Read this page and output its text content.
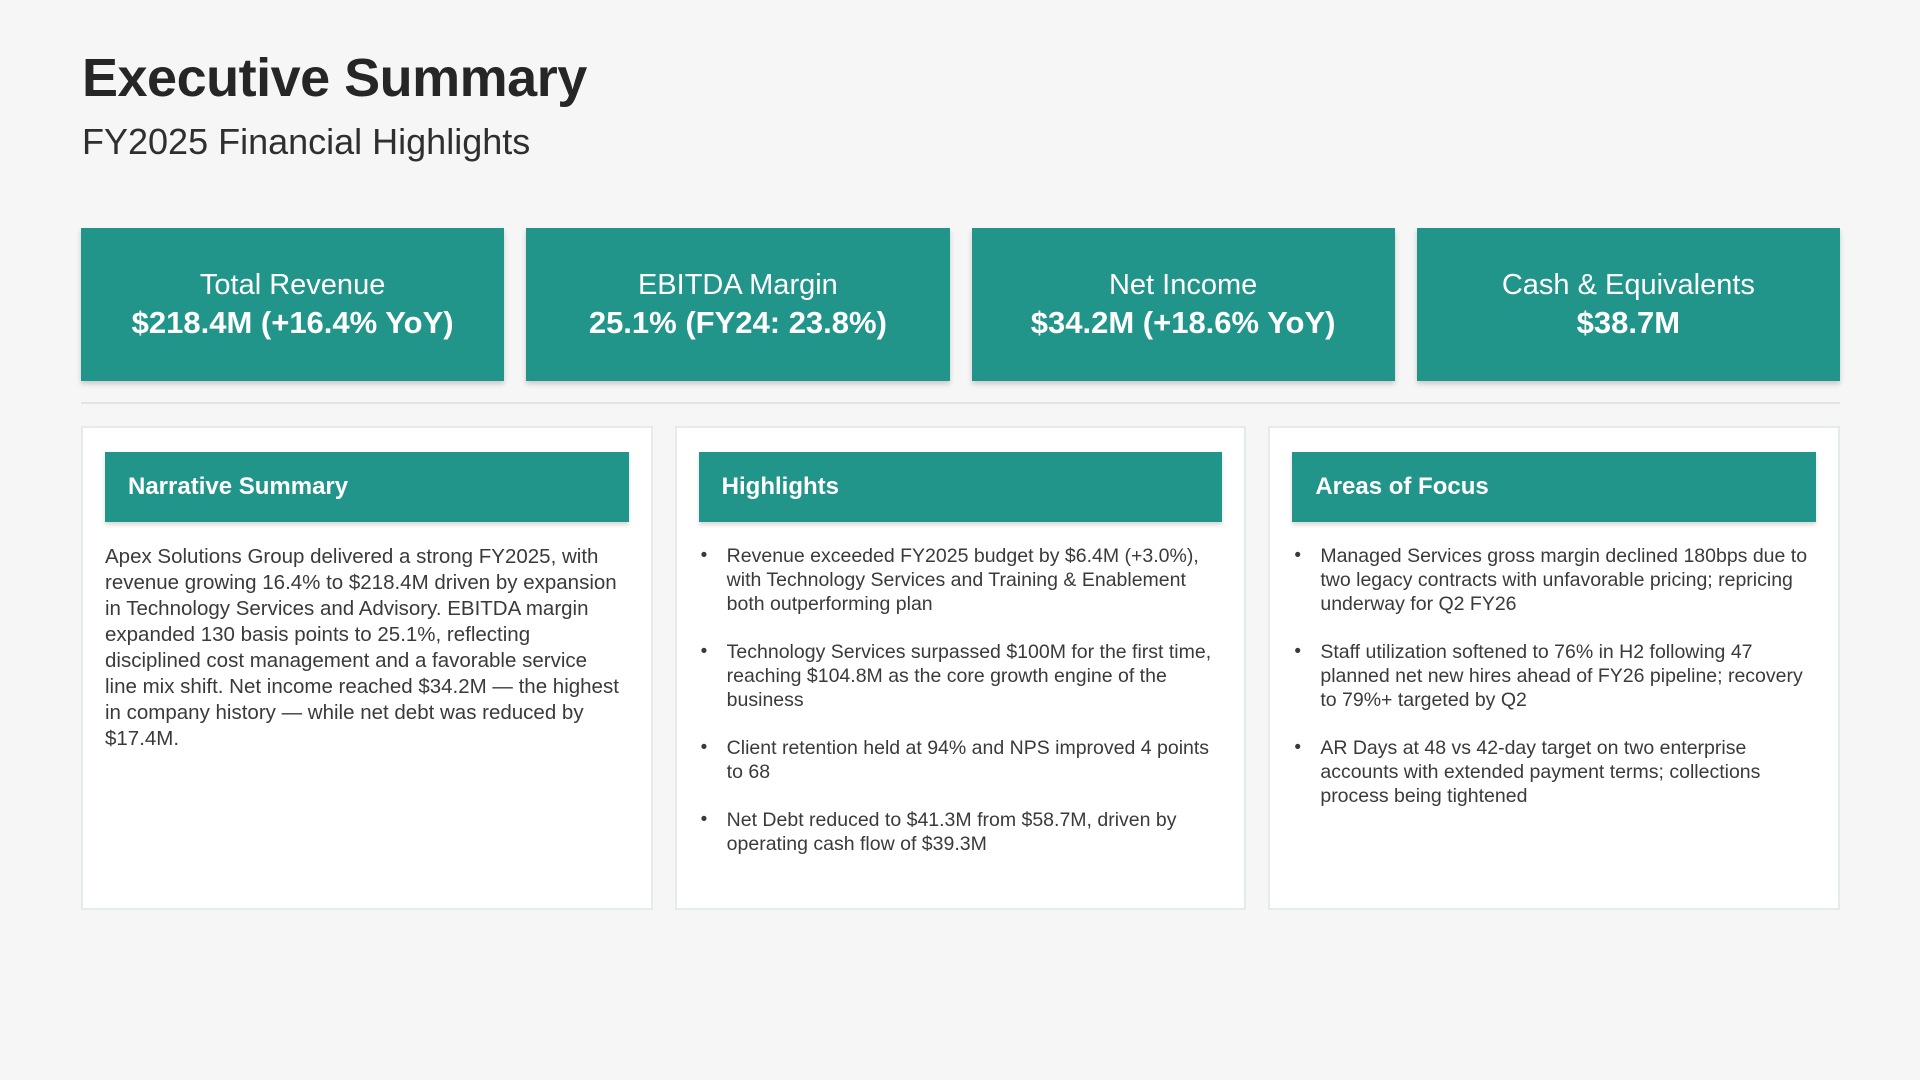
Executive Summary
FY2025 Financial Highlights
Total Revenue
$218.4M (+16.4% YoY)
EBITDA Margin
25.1% (FY24: 23.8%)
Net Income
$34.2M (+18.6% YoY)
Cash & Equivalents
$38.7M
Narrative Summary
Apex Solutions Group delivered a strong FY2025, with revenue growing 16.4% to $218.4M driven by expansion in Technology Services and Advisory. EBITDA margin expanded 130 basis points to 25.1%, reflecting disciplined cost management and a favorable service line mix shift. Net income reached $34.2M — the highest in company history — while net debt was reduced by $17.4M.
Highlights
• Revenue exceeded FY2025 budget by $6.4M (+3.0%), with Technology Services and Training & Enablement both outperforming plan
• Technology Services surpassed $100M for the first time, reaching $104.8M as the core growth engine of the business
• Client retention held at 94% and NPS improved 4 points to 68
• Net Debt reduced to $41.3M from $58.7M, driven by operating cash flow of $39.3M
Areas of Focus
• Managed Services gross margin declined 180bps due to two legacy contracts with unfavorable pricing; repricing underway for Q2 FY26
• Staff utilization softened to 76% in H2 following 47 planned net new hires ahead of FY26 pipeline; recovery to 79%+ targeted by Q2
• AR Days at 48 vs 42-day target on two enterprise accounts with extended payment terms; collections process being tightened
